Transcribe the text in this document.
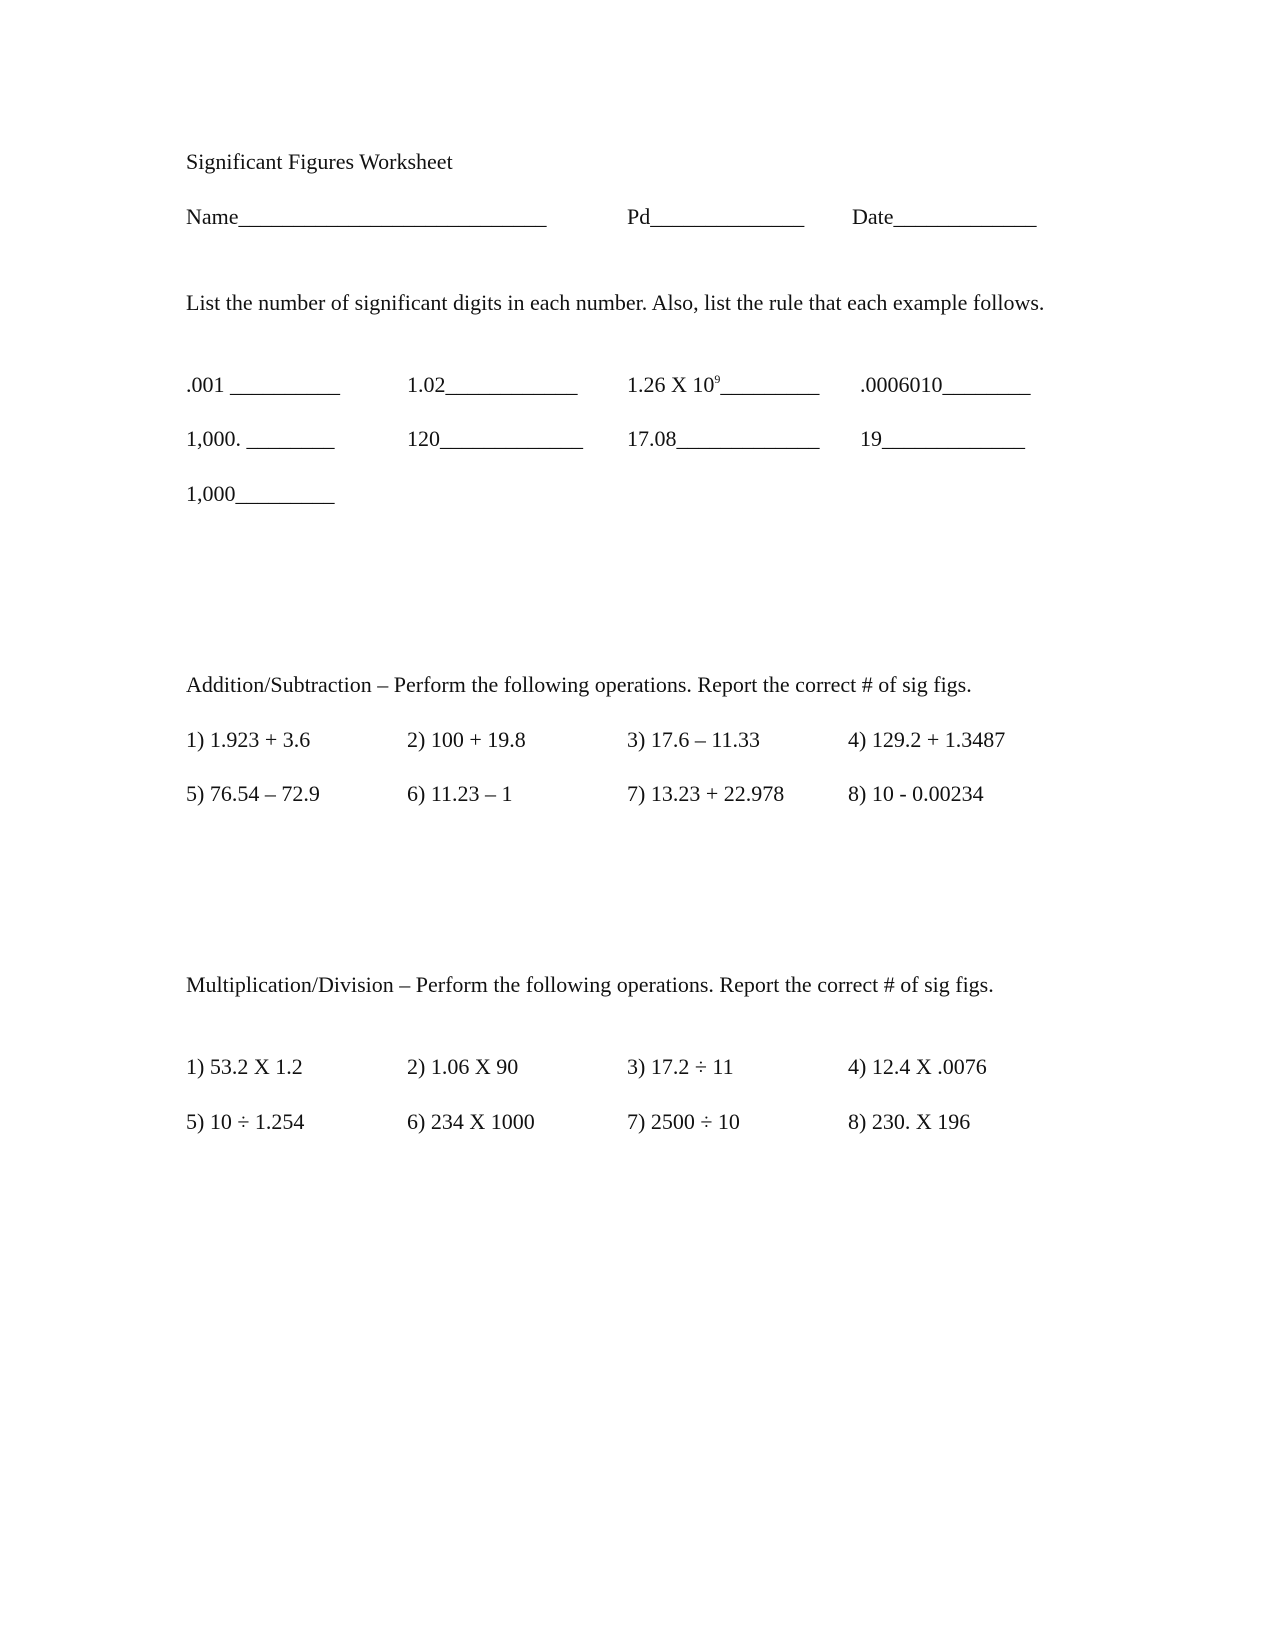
Significant Figures Worksheet
Name____________________________	Pd______________ Date_____________
List the number of significant digits in each number. Also, list the rule that each example follows.
.001 __________	1.02____________ 1.26 X $10^9\_\_\_\_\_\_\_\_\_$ .0006010________
1,000. ________	120_____________ 17.08_____________ 19_____________
1,000_________
Addition/Subtraction – Perform the following operations. Report the correct # of sig figs.
1) 1.923 + 3.6	2) 100 + 19.8	3) 17.6 – 11.33	4) 129.2 + 1.3487
5) 76.54 – 72.9	6) 11.23 – 1	7) 13.23 + 22.978	8) 10 - 0.00234
Multiplication/Division – Perform the following operations. Report the correct # of sig figs.
1) 53.2 X 1.2	2) 1.06 X 90	3) 17.2 ÷ 11	4) 12.4 X .0076
5) 10 ÷ 1.254	6) 234 X 1000	7) 2500 ÷ 10	8) 230. X 196
